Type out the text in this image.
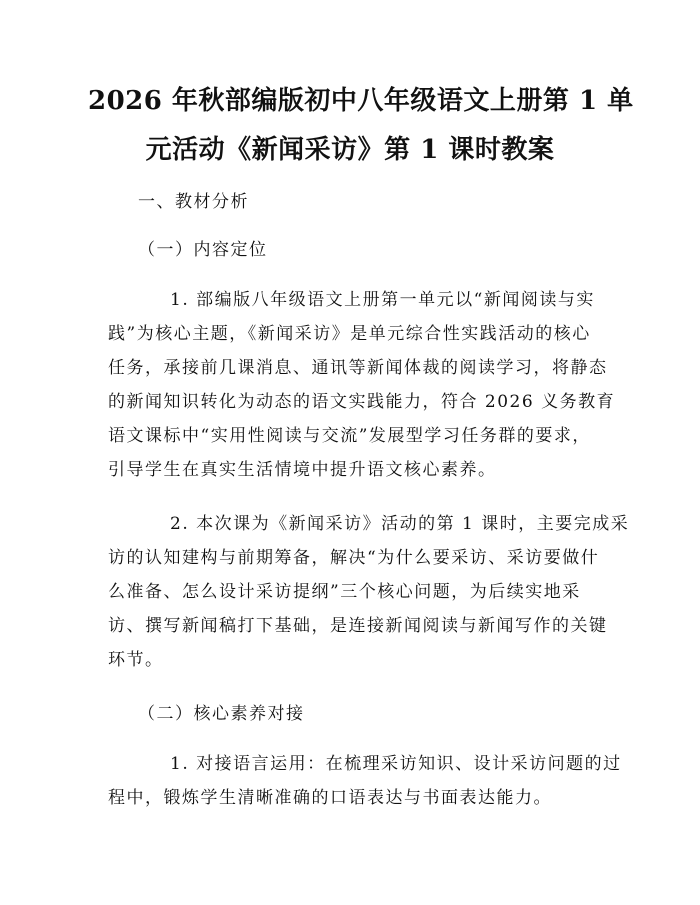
2026 年秋部编版初中八年级语文上册第 1 单
元活动《新闻采访》第 1 课时教案
一、教材分析
（一）内容定位
1. 部编版八年级语文上册第一单元以“新闻阅读与实
践”为核心主题，《新闻采访》是单元综合性实践活动的核心
任务，承接前几课消息、通讯等新闻体裁的阅读学习，将静态
的新闻知识转化为动态的语文实践能力，符合 2026 义务教育
语文课标中“实用性阅读与交流”发展型学习任务群的要求，
引导学生在真实生活情境中提升语文核心素养。
2. 本次课为《新闻采访》活动的第 1 课时，主要完成采
访的认知建构与前期筹备，解决“为什么要采访、采访要做什
么准备、怎么设计采访提纲”三个核心问题，为后续实地采
访、撰写新闻稿打下基础，是连接新闻阅读与新闻写作的关键
环节。
（二）核心素养对接
1. 对接语言运用：在梳理采访知识、设计采访问题的过
程中，锻炼学生清晰准确的口语表达与书面表达能力。
